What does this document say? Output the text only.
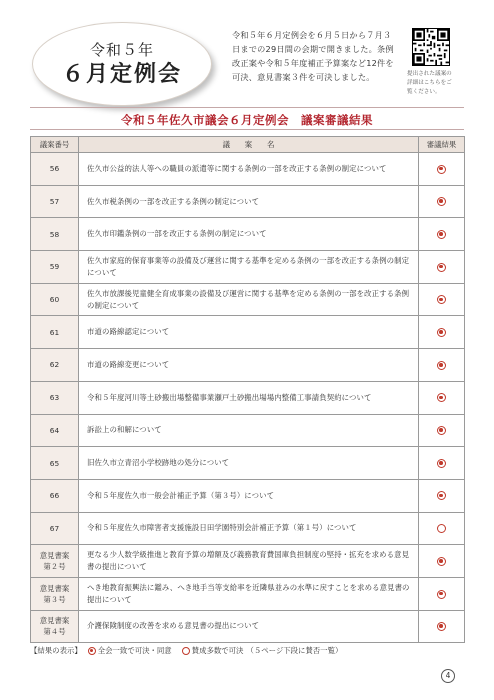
令和５年
６月定例会
令和５年６月定例会を６月５日から７月３
日までの29日間の会期で開きました。条例
改正案や令和５年度補正予算案など12件を
可決、意見書案３件を可決しました。	提出された議案の
詳細はこちらをご
覧ください。
令和５年佐久市議会６月定例会　議案審議結果
議案番号	議　　案　　名	審議結果
56	佐久市公益的法人等への職員の派遣等に関する条例の一部を改正する条例の制定について	
57	佐久市税条例の一部を改正する条例の制定について	
58	佐久市印鑑条例の一部を改正する条例の制定について	
59	佐久市家庭的保育事業等の設備及び運営に関する基準を定める条例の一部を改正する条例の制定について	
60	佐久市放課後児童健全育成事業の設備及び運営に関する基準を定める条例の一部を改正する条例の制定について	
61	市道の路線認定について	
62	市道の路線変更について	
63	令和５年度河川等土砂搬出場整備事業瀬戸土砂搬出場場内整備工事請負契約について	
64	訴訟上の和解について	
65	旧佐久市立青沼小学校跡地の処分について	
66	令和５年度佐久市一般会計補正予算（第３号）について	
67	令和５年度佐久市障害者支援施設日田学園特別会計補正予算（第１号）について	
意見書案
第２号	更なる少人数学級推進と教育予算の増額及び義務教育費国庫負担制度の堅持・拡充を求める意見書の提出について	
意見書案
第３号	へき地教育振興法に鑑み、へき地手当等支給率を近隣県並みの水準に戻すことを求める意見書の提出について	
意見書案
第４号	介護保険制度の改善を求める意見書の提出について	
【結果の表示】 全会一致で可決・同意	賛成多数で可決 （５ページ下段に賛否一覧）
4
